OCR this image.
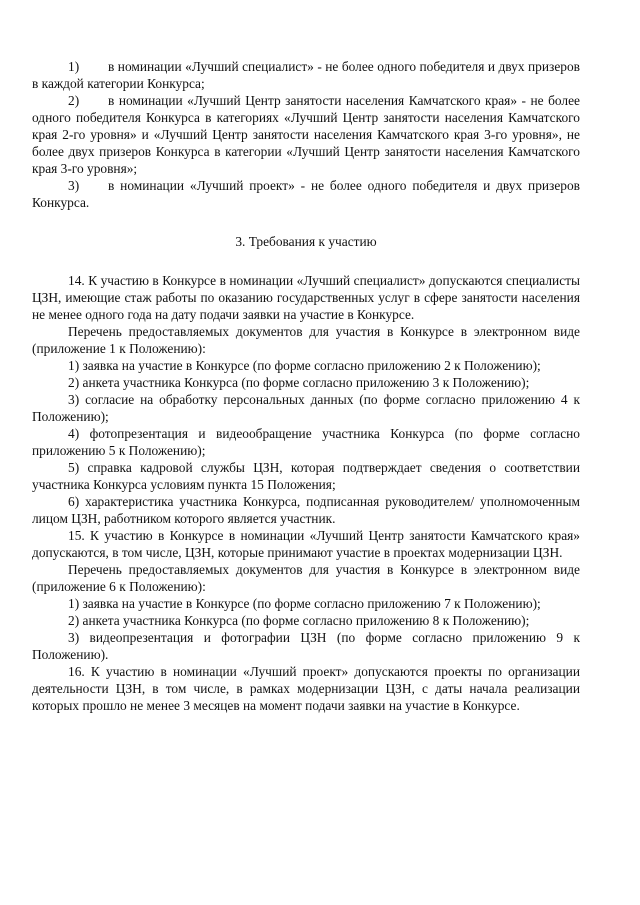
1) в номинации «Лучший специалист» - не более одного победителя и двух призеров в каждой категории Конкурса;

2) в номинации «Лучший Центр занятости населения Камчатского края» - не более одного победителя Конкурса в категориях «Лучший Центр занятости населения Камчатского края 2-го уровня» и «Лучший Центр занятости населения Камчатского края 3-го уровня», не более двух призеров Конкурса в категории «Лучший Центр занятости населения Камчатского края 3-го уровня»;

3) в номинации «Лучший проект» - не более одного победителя и двух призеров Конкурса.

3. Требования к участию

14. К участию в Конкурсе в номинации «Лучший специалист» допускаются специалисты ЦЗН, имеющие стаж работы по оказанию государственных услуг в сфере занятости населения не менее одного года на дату подачи заявки на участие в Конкурсе.

Перечень предоставляемых документов для участия в Конкурсе в электронном виде (приложение 1 к Положению):

1) заявка на участие в Конкурсе (по форме согласно приложению 2 к Положению);

2) анкета участника Конкурса (по форме согласно приложению 3 к Положению);

3) согласие на обработку персональных данных (по форме согласно приложению 4 к Положению);

4) фотопрезентация и видеообращение участника Конкурса (по форме согласно приложению 5 к Положению);

5) справка кадровой службы ЦЗН, которая подтверждает сведения о соответствии участника Конкурса условиям пункта 15 Положения;

6) характеристика участника Конкурса, подписанная руководителем/ уполномоченным лицом ЦЗН, работником которого является участник.

15. К участию в Конкурсе в номинации «Лучший Центр занятости Камчатского края» допускаются, в том числе, ЦЗН, которые принимают участие в проектах модернизации ЦЗН.

Перечень предоставляемых документов для участия в Конкурсе в электронном виде (приложение 6 к Положению):

1) заявка на участие в Конкурсе (по форме согласно приложению 7 к Положению);

2) анкета участника Конкурса (по форме согласно приложению 8 к Положению);

3) видеопрезентация и фотографии ЦЗН (по форме согласно приложению 9 к Положению).

16. К участию в номинации «Лучший проект» допускаются проекты по организации деятельности ЦЗН, в том числе, в рамках модернизации ЦЗН, с даты начала реализации которых прошло не менее 3 месяцев на момент подачи заявки на участие в Конкурсе.
